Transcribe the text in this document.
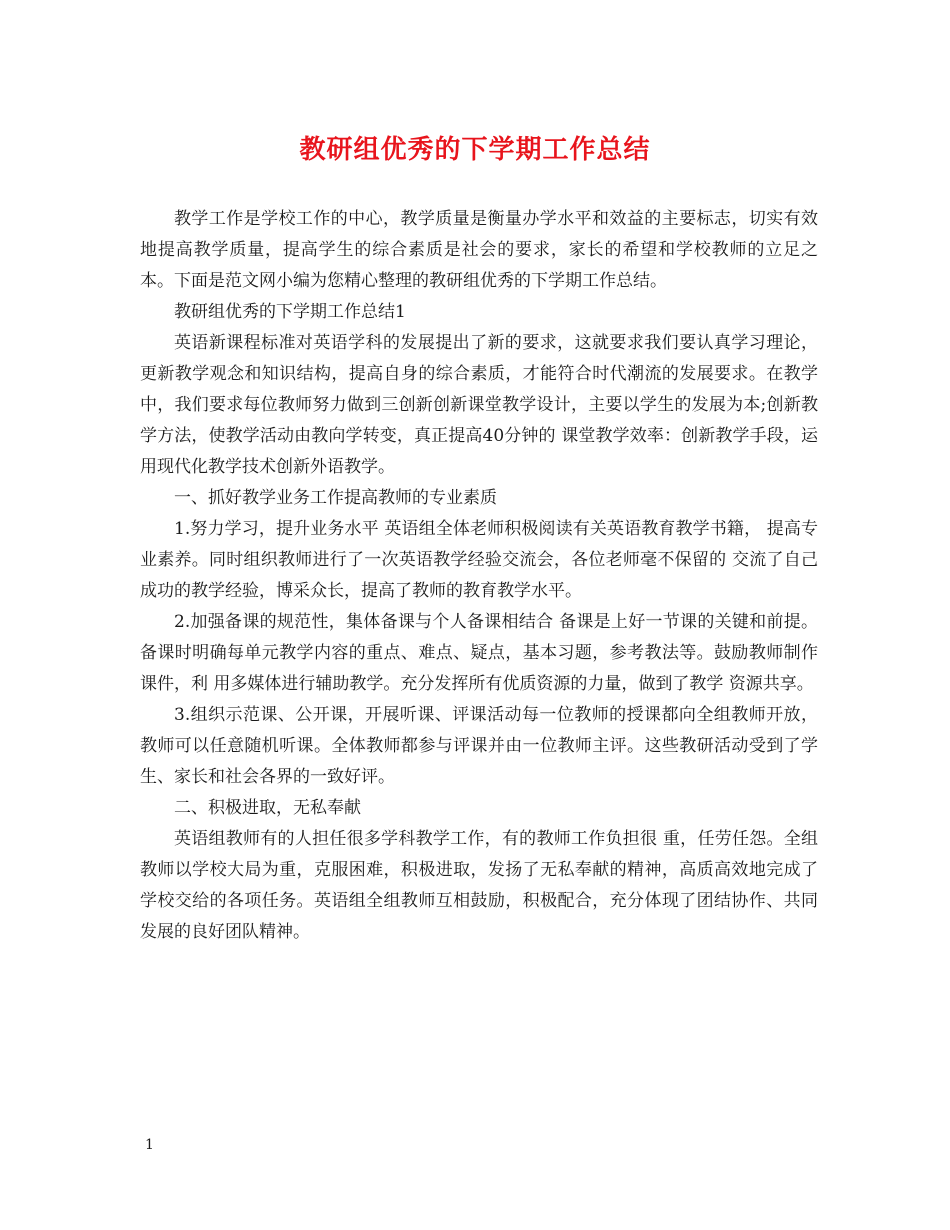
教研组优秀的下学期工作总结

教学工作是学校工作的中心，教学质量是衡量办学水平和效益的主要标志，切实有效地提高教学质量，提高学生的综合素质是社会的要求，家长的希望和学校教师的立足之本。下面是范文网小编为您精心整理的教研组优秀的下学期工作总结。

教研组优秀的下学期工作总结1

英语新课程标准对英语学科的发展提出了新的要求，这就要求我们要认真学习理论，更新教学观念和知识结构，提高自身的综合素质，才能符合时代潮流的发展要求。在教学中，我们要求每位教师努力做到三创新创新课堂教学设计，主要以学生的发展为本;创新教学方法，使教学活动由教向学转变，真正提高40分钟的 课堂教学效率：创新教学手段，运用现代化教学技术创新外语教学。

一、抓好教学业务工作提高教师的专业素质

1.努力学习，提升业务水平 英语组全体老师积极阅读有关英语教育教学书籍， 提高专业素养。同时组织教师进行了一次英语教学经验交流会，各位老师毫不保留的 交流了自己成功的教学经验，博采众长，提高了教师的教育教学水平。

2.加强备课的规范性，集体备课与个人备课相结合 备课是上好一节课的关键和前提。备课时明确每单元教学内容的重点、难点、疑点，基本习题，参考教法等。鼓励教师制作课件，利 用多媒体进行辅助教学。充分发挥所有优质资源的力量，做到了教学 资源共享。

3.组织示范课、公开课，开展听课、评课活动每一位教师的授课都向全组教师开放，教师可以任意随机听课。全体教师都参与评课并由一位教师主评。这些教研活动受到了学生、家长和社会各界的一致好评。

二、积极进取，无私奉献

英语组教师有的人担任很多学科教学工作，有的教师工作负担很 重，任劳任怨。全组教师以学校大局为重，克服困难，积极进取，发扬了无私奉献的精神，高质高效地完成了学校交给的各项任务。英语组全组教师互相鼓励，积极配合，充分体现了团结协作、共同发展的良好团队精神。

1
